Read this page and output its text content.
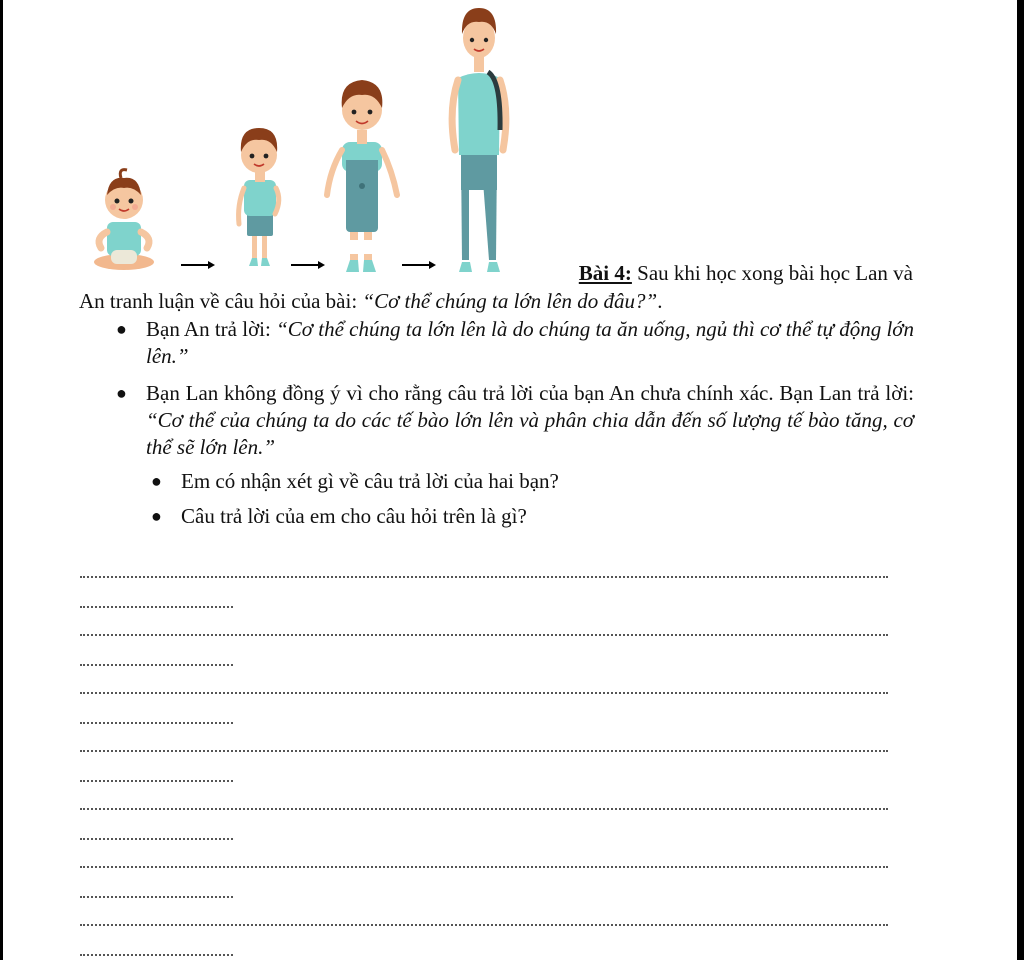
Bài 4: Sau khi học xong bài học Lan và
An tranh luận về câu hỏi của bài: “Cơ thể chúng ta lớn lên do đâu?”.
● Bạn An trả lời: “Cơ thể chúng ta lớn lên là do chúng ta ăn uống, ngủ thì cơ thể tự động lớn lên.”
● Bạn Lan không đồng ý vì cho rằng câu trả lời của bạn An chưa chính xác. Bạn Lan trả lời: “Cơ thể của chúng ta do các tế bào lớn lên và phân chia dẫn đến số lượng tế bào tăng, cơ thể sẽ lớn lên.”
● Em có nhận xét gì về câu trả lời của hai bạn?
● Câu trả lời của em cho câu hỏi trên là gì?
